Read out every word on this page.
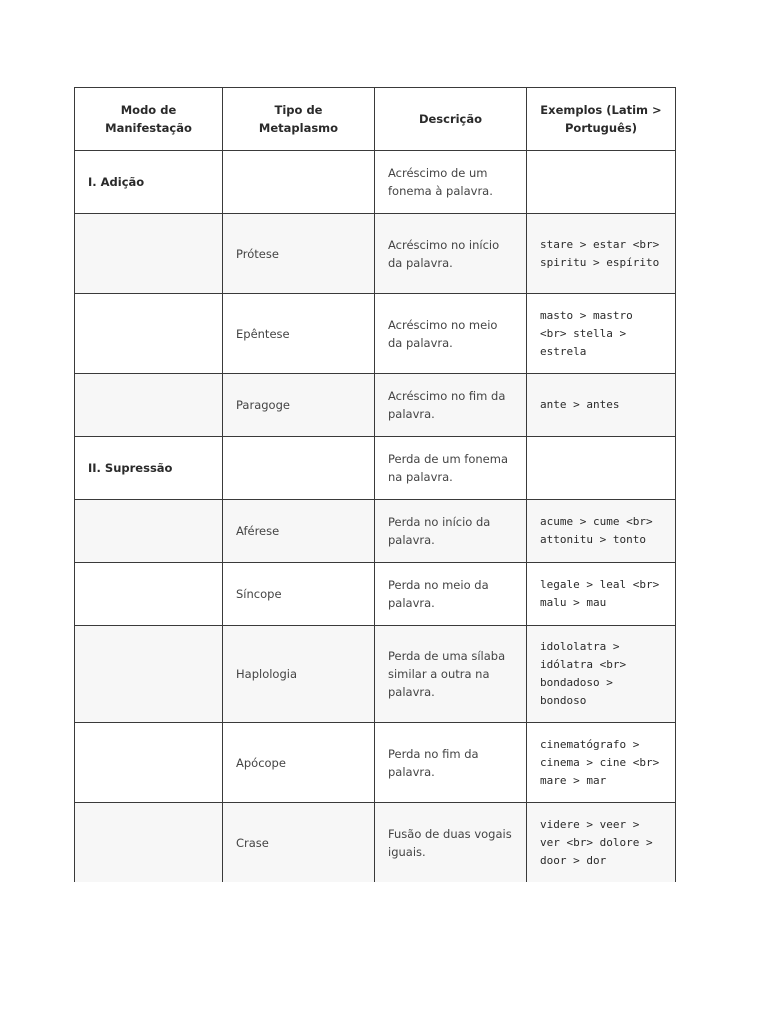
Modo de Manifestação	Tipo de Metaplasmo	Descrição	Exemplos (Latim > Português)
I. Adição		Acréscimo de um fonema à palavra.	
	Prótese	Acréscimo no início da palavra.	stare > estar <br> spiritu > espírito
	Epêntese	Acréscimo no meio da palavra.	masto > mastro <br> stella > estrela
	Paragoge	Acréscimo no fim da palavra.	ante > antes
II. Supressão		Perda de um fonema na palavra.	
	Aférese	Perda no início da palavra.	acume > cume <br> attonitu > tonto
	Síncope	Perda no meio da palavra.	legale > leal <br> malu > mau
	Haplologia	Perda de uma sílaba similar a outra na palavra.	idololatra > idólatra <br> bondadoso > bondoso
	Apócope	Perda no fim da palavra.	cinematógrafo > cinema > cine <br> mare > mar
	Crase	Fusão de duas vogais iguais.	videre > veer > ver <br> dolore > door > dor
